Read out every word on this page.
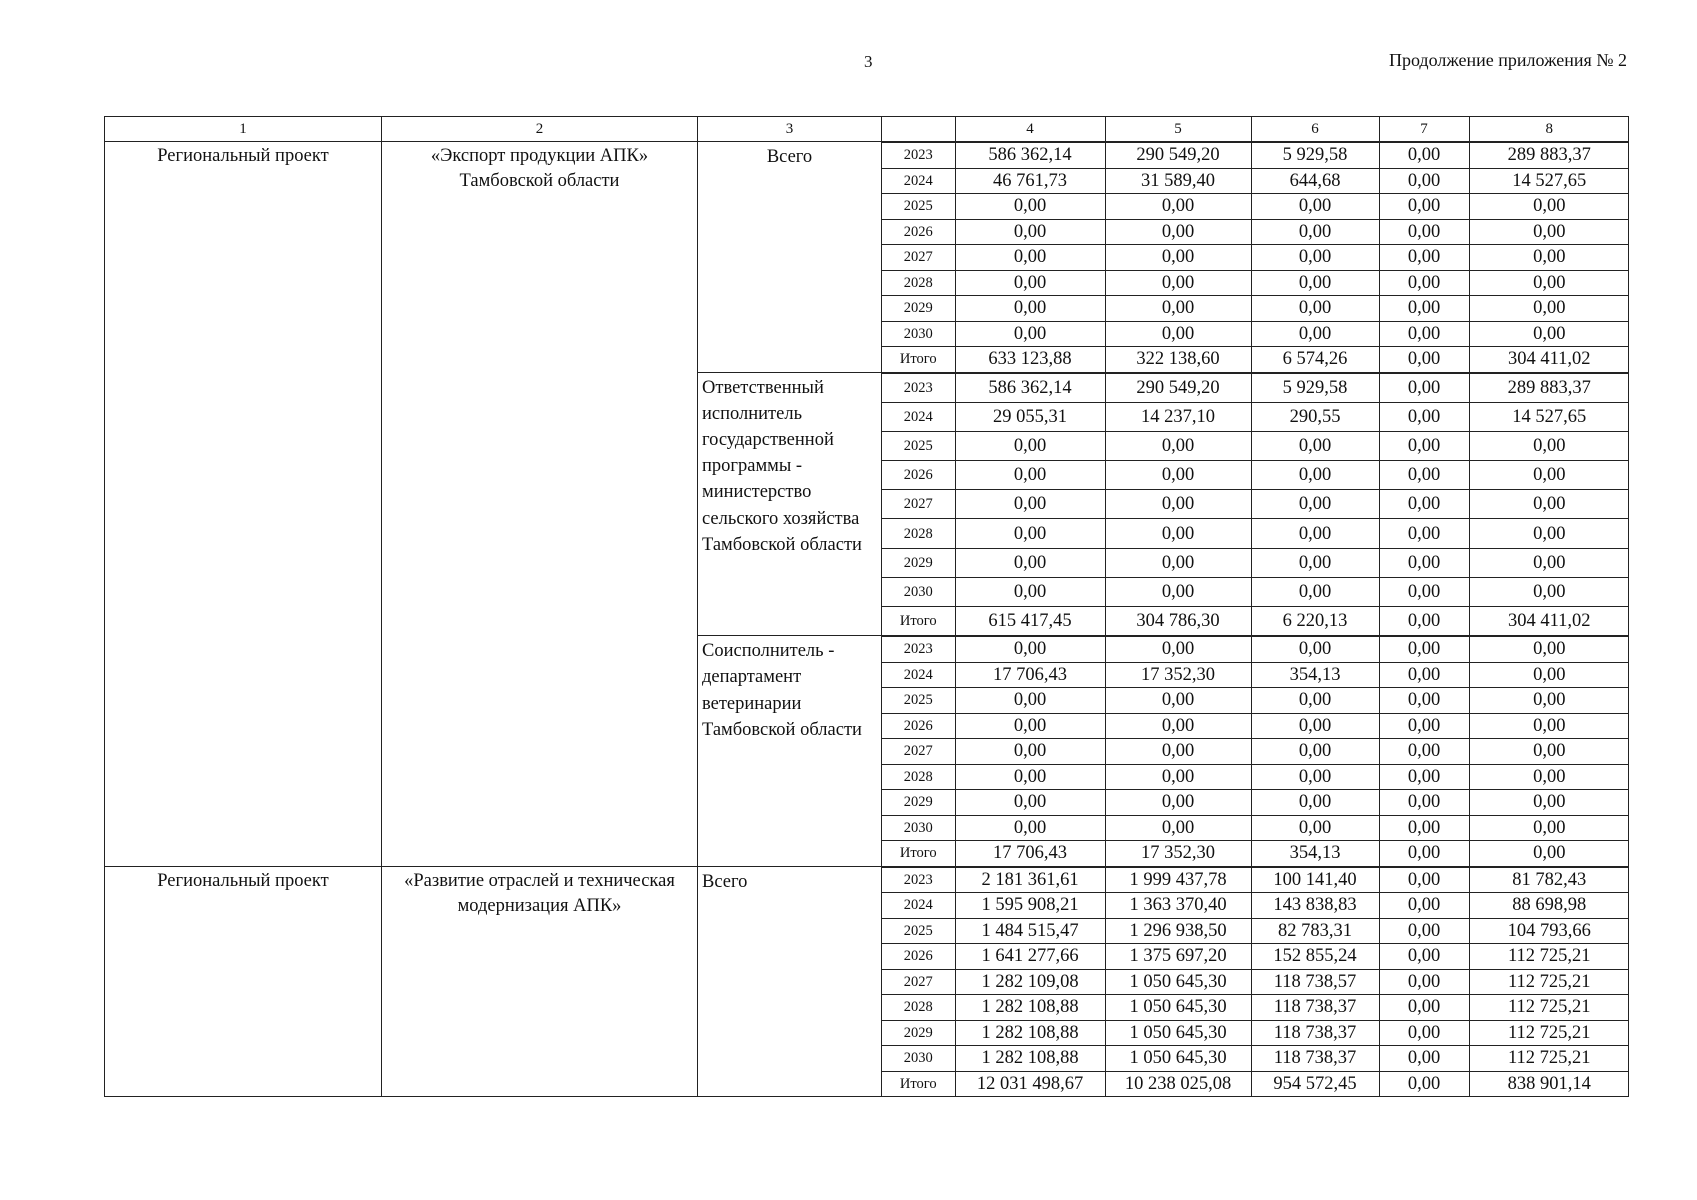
3	Продолжение приложения № 2
1	2	3	
		4	5	6	7	8

Региональный проект	«Экспорт продукции АПК» Тамбовской области	Всего		2023	586 362,14	290 549,20	5 929,58	0,00	289 883,37
2024	46 761,73	31 589,40	644,68	0,00	14 527,65
2025	0,00	0,00	0,00	0,00	0,00
2026	0,00	0,00	0,00	0,00	0,00
2027	0,00	0,00	0,00	0,00	0,00
2028	0,00	0,00	0,00	0,00	0,00
2029	0,00	0,00	0,00	0,00	0,00
2030	0,00	0,00	0,00	0,00	0,00
Итого	633 123,88	322 138,60	6 574,26	0,00	304 411,02

Ответственный исполнитель государственной программы - министерство сельского хозяйства Тамбовской области	
2023	586 362,14	290 549,20	5 929,58	0,00	289 883,37
2024	29 055,31	14 237,10	290,55	0,00	14 527,65
2025	0,00	0,00	0,00	0,00	0,00
2026	0,00	0,00	0,00	0,00	0,00
2027	0,00	0,00	0,00	0,00	0,00
2028	0,00	0,00	0,00	0,00	0,00
2029	0,00	0,00	0,00	0,00	0,00
2030	0,00	0,00	0,00	0,00	0,00
Итого	615 417,45	304 786,30	6 220,13	0,00	304 411,02

Соисполнитель - департамент ветеринарии Тамбовской области	
2023	0,00	0,00	0,00	0,00	0,00
2024	17 706,43	17 352,30	354,13	0,00	0,00
2025	0,00	0,00	0,00	0,00	0,00
2026	0,00	0,00	0,00	0,00	0,00
2027	0,00	0,00	0,00	0,00	0,00
2028	0,00	0,00	0,00	0,00	0,00
2029	0,00	0,00	0,00	0,00	0,00
2030	0,00	0,00	0,00	0,00	0,00
Итого	17 706,43	17 352,30	354,13	0,00	0,00

Региональный проект	«Развитие отраслей и техническая модернизация АПК»	Всего		2023	2 181 361,61	1 999 437,78	100 141,40	0,00	81 782,43
2024	1 595 908,21	1 363 370,40	143 838,83	0,00	88 698,98
2025	1 484 515,47	1 296 938,50	82 783,31	0,00	104 793,66
2026	1 641 277,66	1 375 697,20	152 855,24	0,00	112 725,21
2027	1 282 109,08	1 050 645,30	118 738,57	0,00	112 725,21
2028	1 282 108,88	1 050 645,30	118 738,37	0,00	112 725,21
2029	1 282 108,88	1 050 645,30	118 738,37	0,00	112 725,21
2030	1 282 108,88	1 050 645,30	118 738,37	0,00	112 725,21
Итого	12 031 498,67	10 238 025,08	954 572,45	0,00	838 901,14
